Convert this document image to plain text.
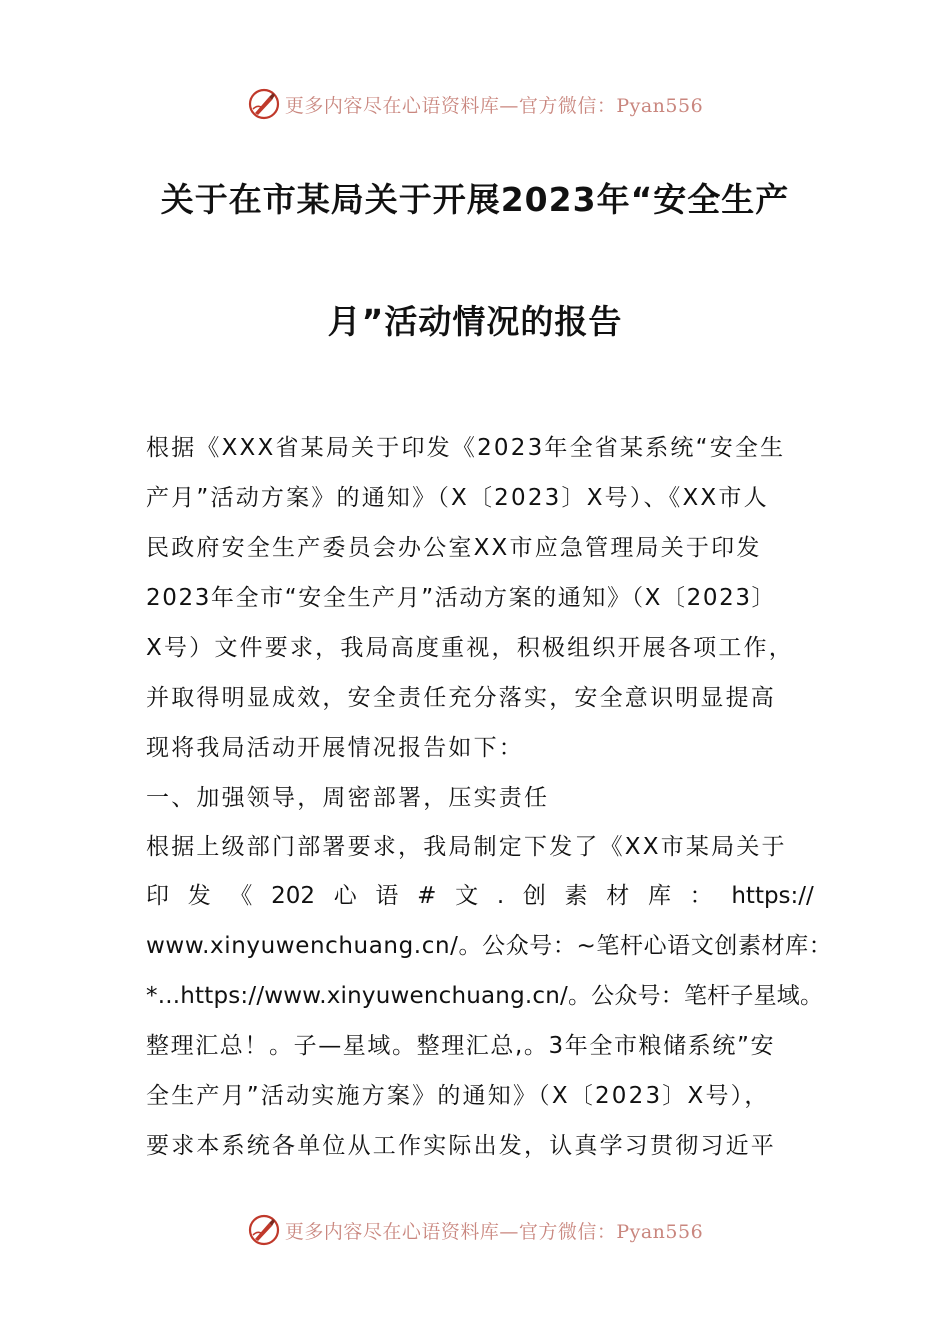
更多内容尽在心语资料库—官方微信：Pyan556
关于在市某局关于开展2023年“安全生产
月”活动情况的报告
根据《XXX省某局关于印发《2023年全省某系统“安全生
产月”活动方案》的通知》（X〔2023〕X号）、《XX市人
民政府安全生产委员会办公室XX市应急管理局关于印发
2023年全市“安全生产月”活动方案的通知》（X〔2023〕
X号）文件要求，我局高度重视，积极组织开展各项工作，
并取得明显成效，安全责任充分落实，安全意识明显提高
现将我局活动开展情况报告如下：
一、加强领导，周密部署，压实责任
根据上级部门部署要求，我局制定下发了《XX市某局关于
印 发 《 202 心 语 # 文 . 创 素 材 库 ： https://
www.xinyuwenchuang.cn/。公众号：~笔杆心语文创素材库：
*...https://www.xinyuwenchuang.cn/。公众号：笔杆子星域。
整理汇总！。子—星域。整理汇总,。3年全市粮储系统”安
全生产月”活动实施方案》的通知》（X〔2023〕X号），
要求本系统各单位从工作实际出发，认真学习贯彻习近平
更多内容尽在心语资料库—官方微信：Pyan556
